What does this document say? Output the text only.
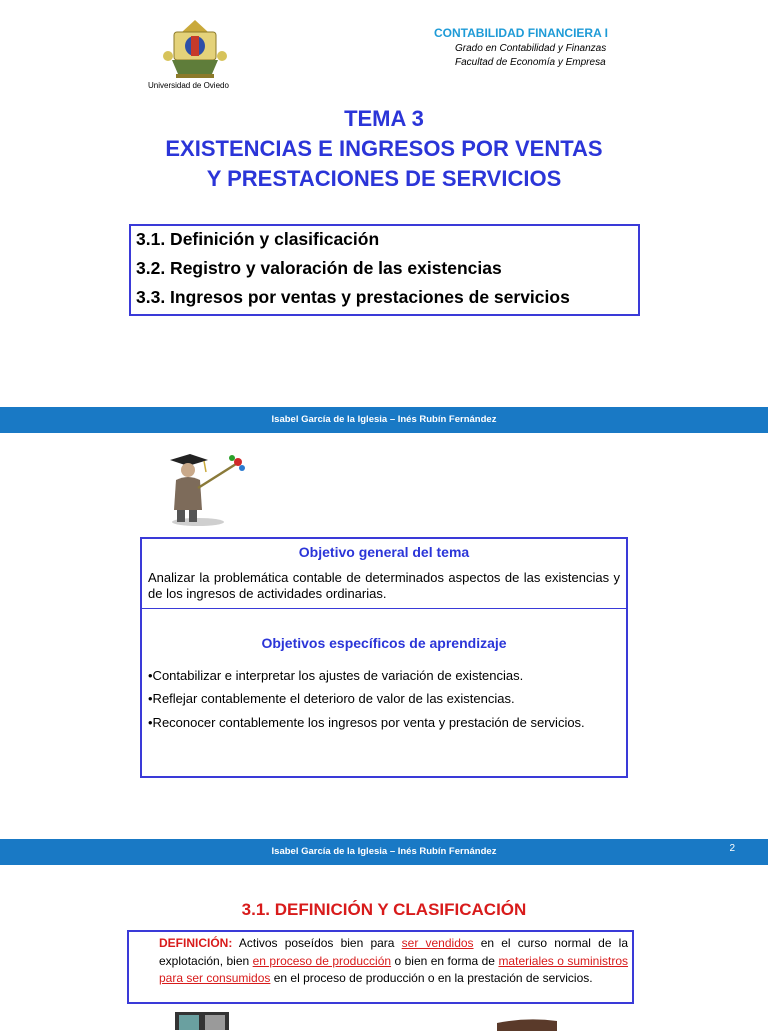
Universidad de Oviedo
CONTABILIDAD FINANCIERA I
Grado en Contabilidad y Finanzas
Facultad de Economía y Empresa
TEMA 3
EXISTENCIAS E INGRESOS POR VENTAS
Y PRESTACIONES DE SERVICIOS
3.1. Definición y clasificación
3.2. Registro y valoración de las existencias
3.3. Ingresos por ventas y prestaciones de servicios
Isabel García de la Iglesia – Inés Rubín Fernández
Objetivo general del tema
Analizar la problemática contable de determinados aspectos de las existencias y de los ingresos de actividades ordinarias.
Objetivos específicos de aprendizaje
•Contabilizar e interpretar los ajustes de variación de existencias.
•Reflejar contablemente el deterioro de valor de las existencias.
•Reconocer contablemente los ingresos por venta y prestación de servicios.
Isabel García de la Iglesia – Inés Rubín Fernández	2
3.1. DEFINICIÓN Y CLASIFICACIÓN
DEFINICIÓN: Activos poseídos bien para ser vendidos en el curso normal de la explotación, bien en proceso de producción o bien en forma de materiales o suministros para ser consumidos en el proceso de producción o en la prestación de servicios.
